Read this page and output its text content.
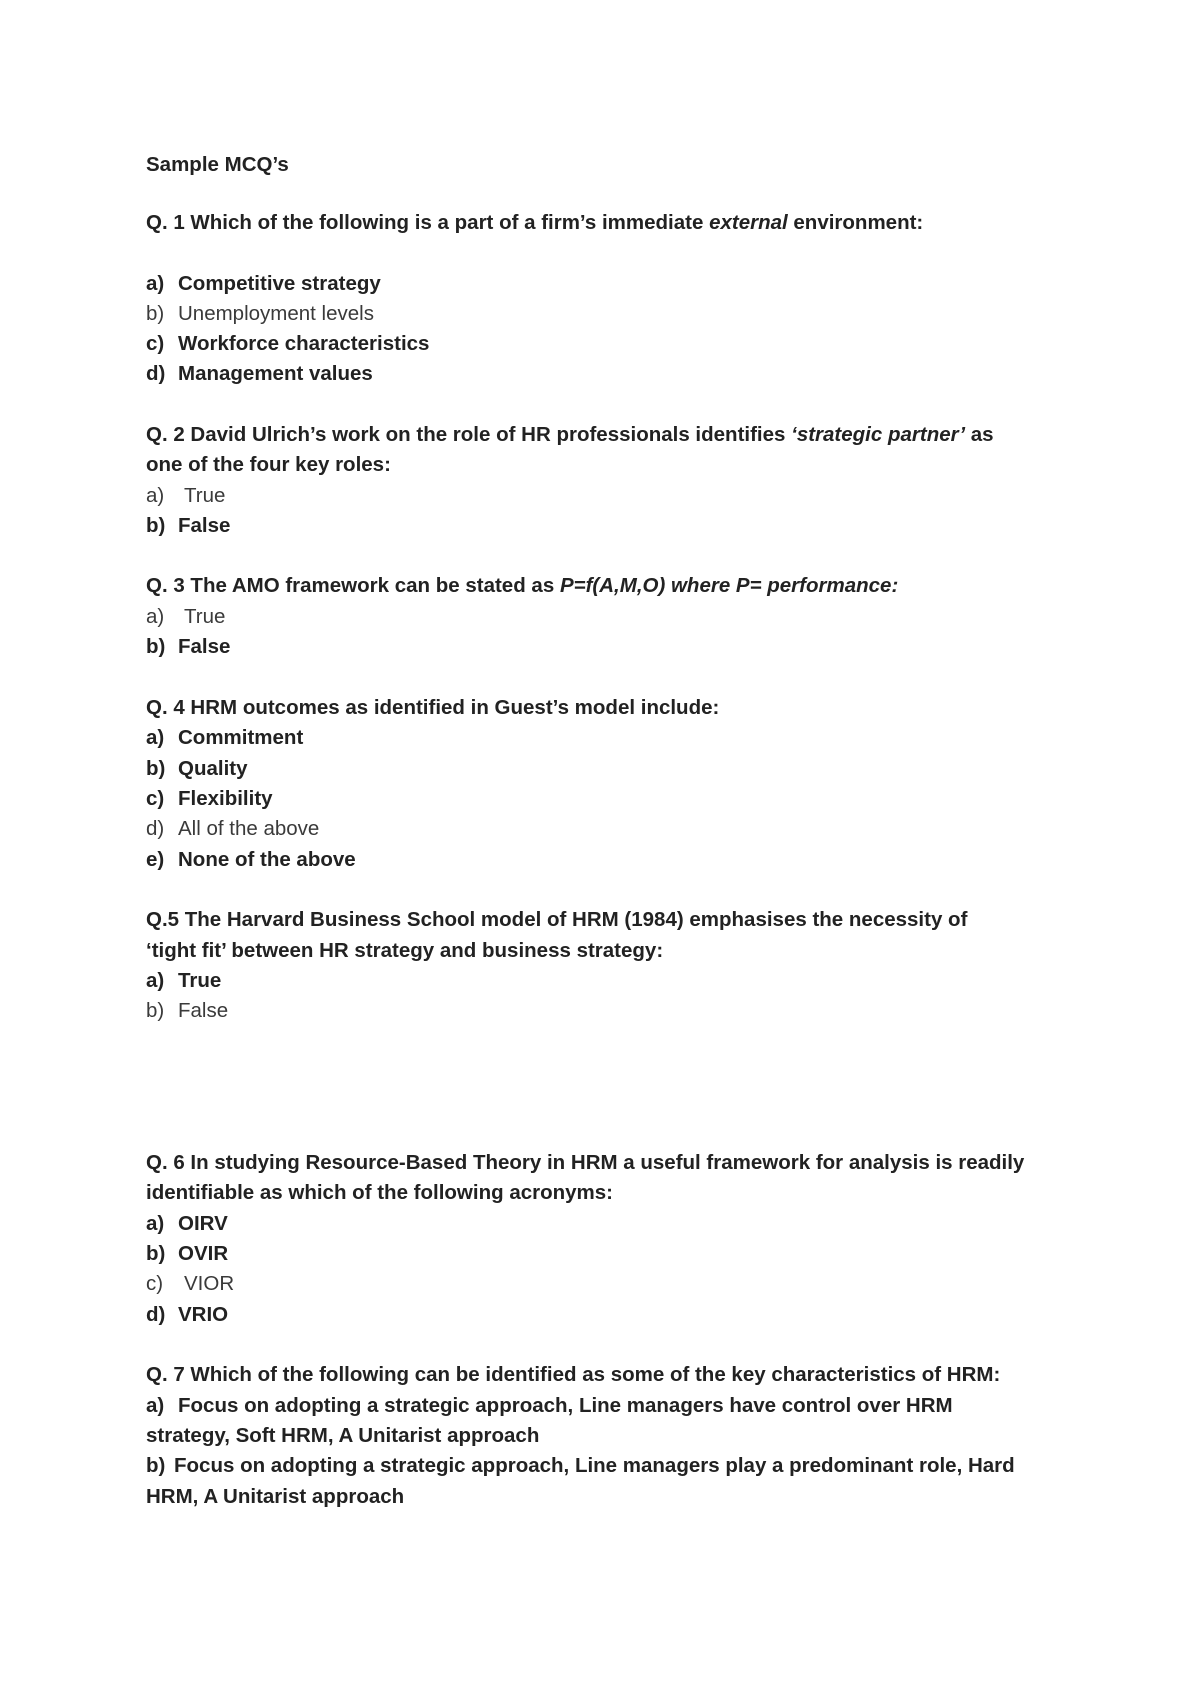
Sample MCQ’s
Q. 1 Which of the following is a part of a firm’s immediate external environment:
a) Competitive strategy
b) Unemployment levels
c) Workforce characteristics
d) Management values
Q. 2 David Ulrich’s work on the role of HR professionals identifies ‘strategic partner’ as
one of the four key roles:
a) True
b) False
Q. 3 The AMO framework can be stated as P=f(A,M,O) where P= performance:
a) True
b) False
Q. 4 HRM outcomes as identified in Guest’s model include:
a) Commitment
b) Quality
c) Flexibility
d) All of the above
e) None of the above
Q.5 The Harvard Business School model of HRM (1984) emphasises the necessity of
‘tight fit’ between HR strategy and business strategy:
a) True
b) False
Q. 6 In studying Resource-Based Theory in HRM a useful framework for analysis is readily
identifiable as which of the following acronyms:
a) OIRV
b) OVIR
c) VIOR
d) VRIO
Q. 7 Which of the following can be identified as some of the key characteristics of HRM:
a) Focus on adopting a strategic approach, Line managers have control over HRM
strategy, Soft HRM, A Unitarist approach
b) Focus on adopting a strategic approach, Line managers play a predominant role, Hard
HRM, A Unitarist approach
